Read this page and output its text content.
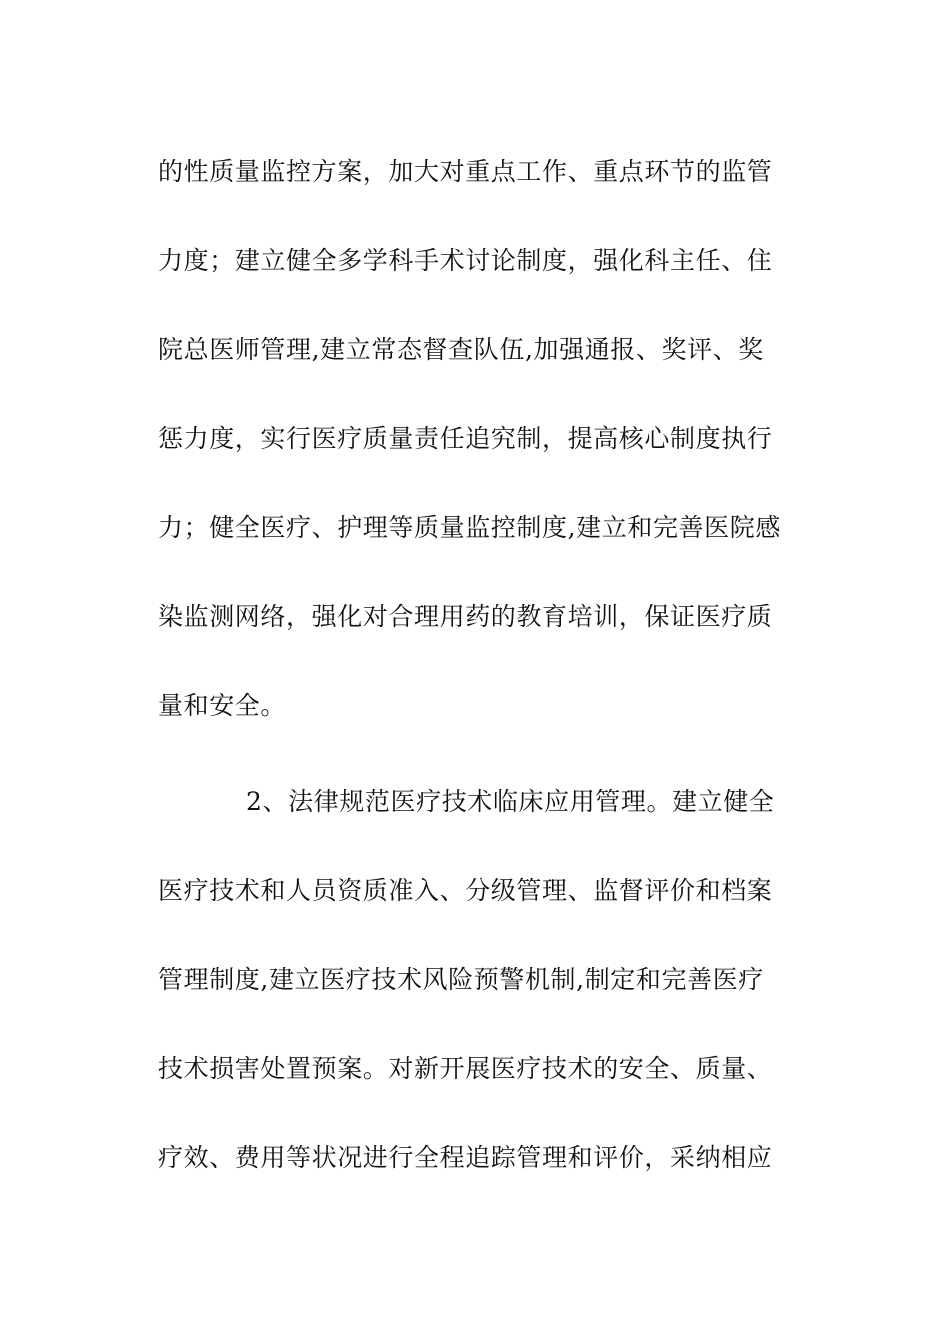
的性质量监控方案，加大对重点工作、重点环节的监管
力度；建立健全多学科手术讨论制度，强化科主任、住
院总医师管理,建立常态督查队伍,加强通报、奖评、奖
惩力度，实行医疗质量责任追究制，提高核心制度执行
力；健全医疗、护理等质量监控制度,建立和完善医院感
染监测网络，强化对合理用药的教育培训，保证医疗质
量和安全。
2、法律规范医疗技术临床应用管理。建立健全
医疗技术和人员资质准入、分级管理、监督评价和档案
管理制度,建立医疗技术风险预警机制,制定和完善医疗
技术损害处置预案。对新开展医疗技术的安全、质量、
疗效、费用等状况进行全程追踪管理和评价，采纳相应
